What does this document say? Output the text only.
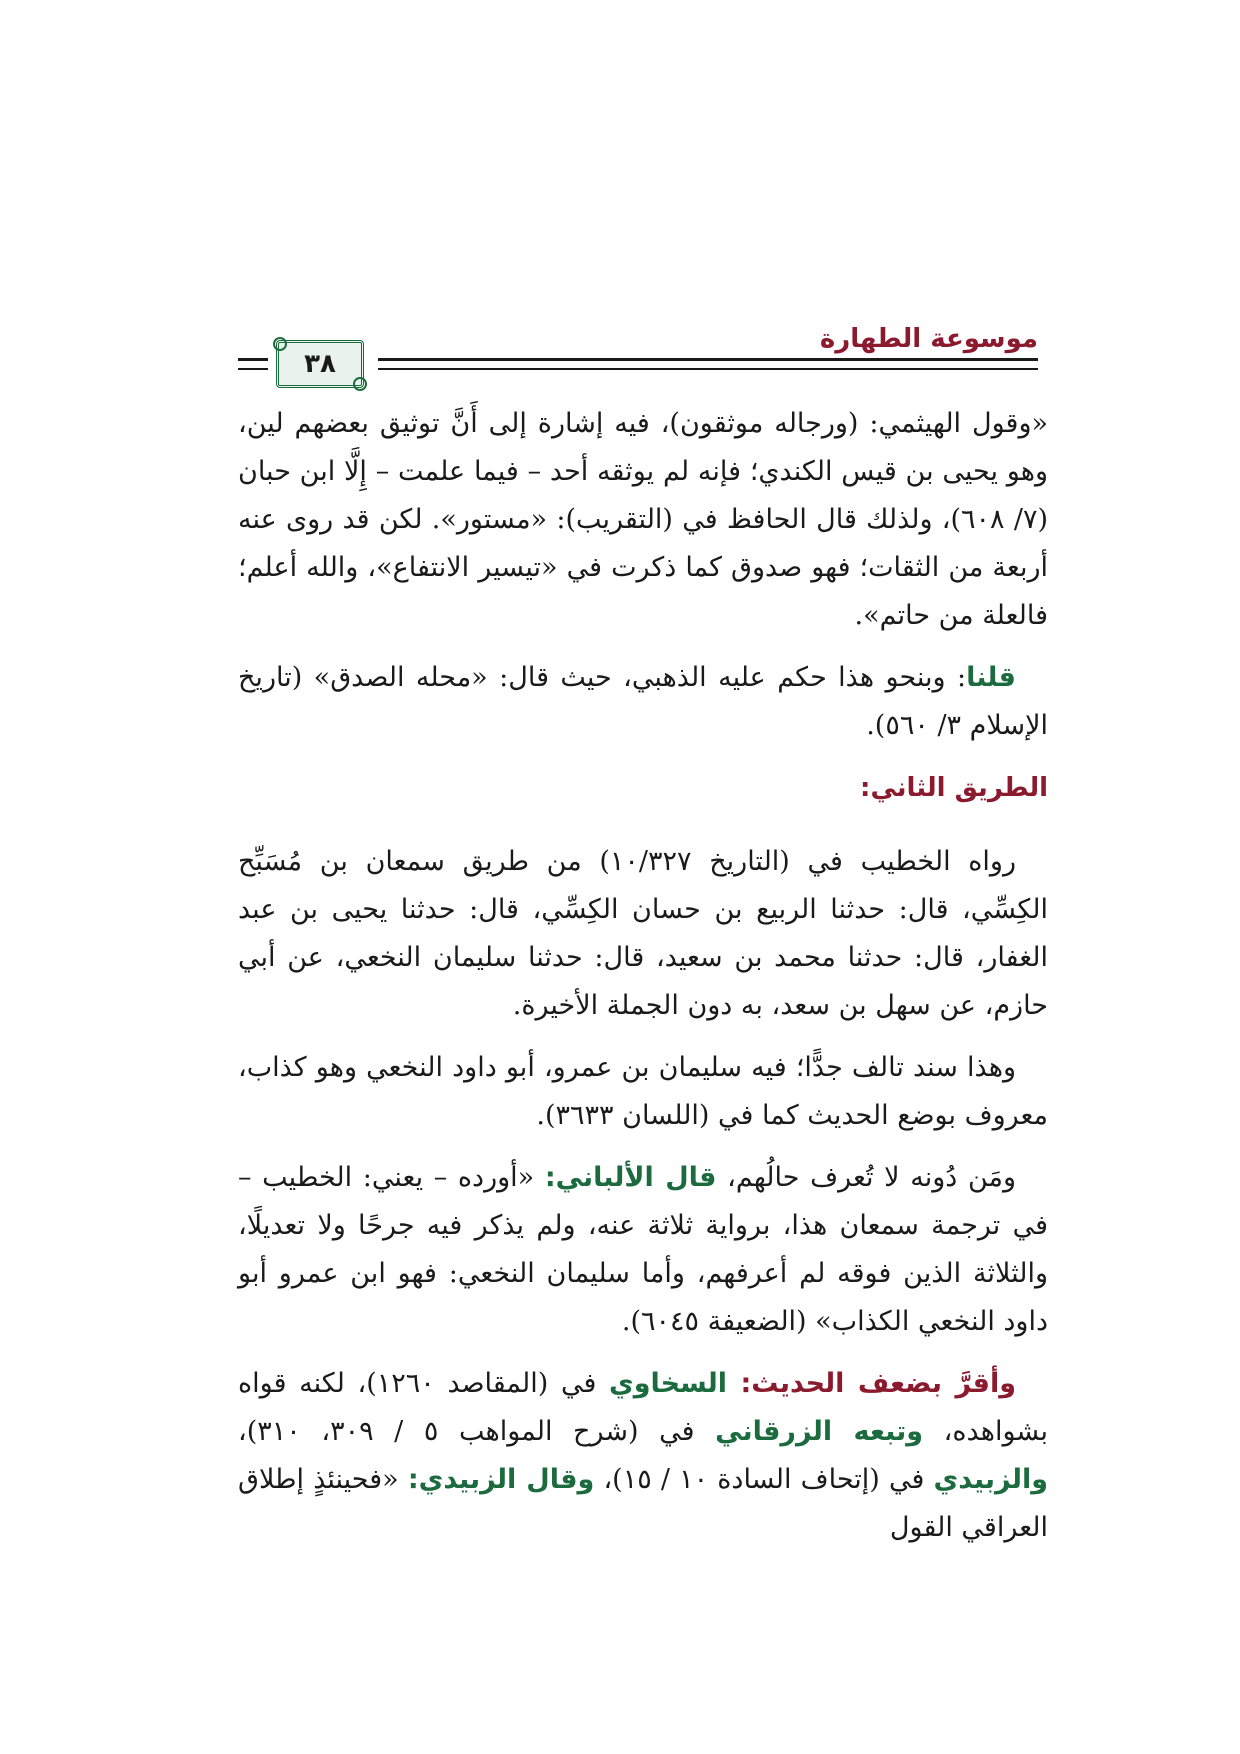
موسوعة الطهارة
٣٨

«وقول الهيثمي: (ورجاله موثقون)، فيه إشارة إلى أَنَّ توثيق بعضهم لين، وهو يحيى بن قيس الكندي؛ فإنه لم يوثقه أحد – فيما علمت – إِلَّا ابن حبان (٧/ ٦٠٨)، ولذلك قال الحافظ في (التقريب): «مستور». لكن قد روى عنه أربعة من الثقات؛ فهو صدوق كما ذكرت في «تيسير الانتفاع»، والله أعلم؛ فالعلة من حاتم».

قلنا: وبنحو هذا حكم عليه الذهبي، حيث قال: «محله الصدق» (تاريخ الإسلام ٣/ ٥٦٠).

الطريق الثاني:

رواه الخطيب في (التاريخ ١٠/٣٢٧) من طريق سمعان بن مُسَبِّح الكِسِّي، قال: حدثنا الربيع بن حسان الكِسِّي، قال: حدثنا يحيى بن عبد الغفار، قال: حدثنا محمد بن سعيد، قال: حدثنا سليمان النخعي، عن أبي حازم، عن سهل بن سعد، به دون الجملة الأخيرة.

وهذا سند تالف جدًّا؛ فيه سليمان بن عمرو، أبو داود النخعي وهو كذاب، معروف بوضع الحديث كما في (اللسان ٣٦٣٣).

ومَن دُونه لا تُعرف حالُهم، قال الألباني: «أورده – يعني: الخطيب – في ترجمة سمعان هذا، برواية ثلاثة عنه، ولم يذكر فيه جرحًا ولا تعديلًا، والثلاثة الذين فوقه لم أعرفهم، وأما سليمان النخعي: فهو ابن عمرو أبو داود النخعي الكذاب» (الضعيفة ٦٠٤٥).

وأقرَّ بضعف الحديث: السخاوي في (المقاصد ١٢٦٠)، لكنه قواه بشواهده، وتبعه الزرقاني في (شرح المواهب ٥ / ٣٠٩، ٣١٠)، والزبيدي في (إتحاف السادة ١٠ / ١٥)، وقال الزبيدي: «فحينئذٍ إطلاق العراقي القول
